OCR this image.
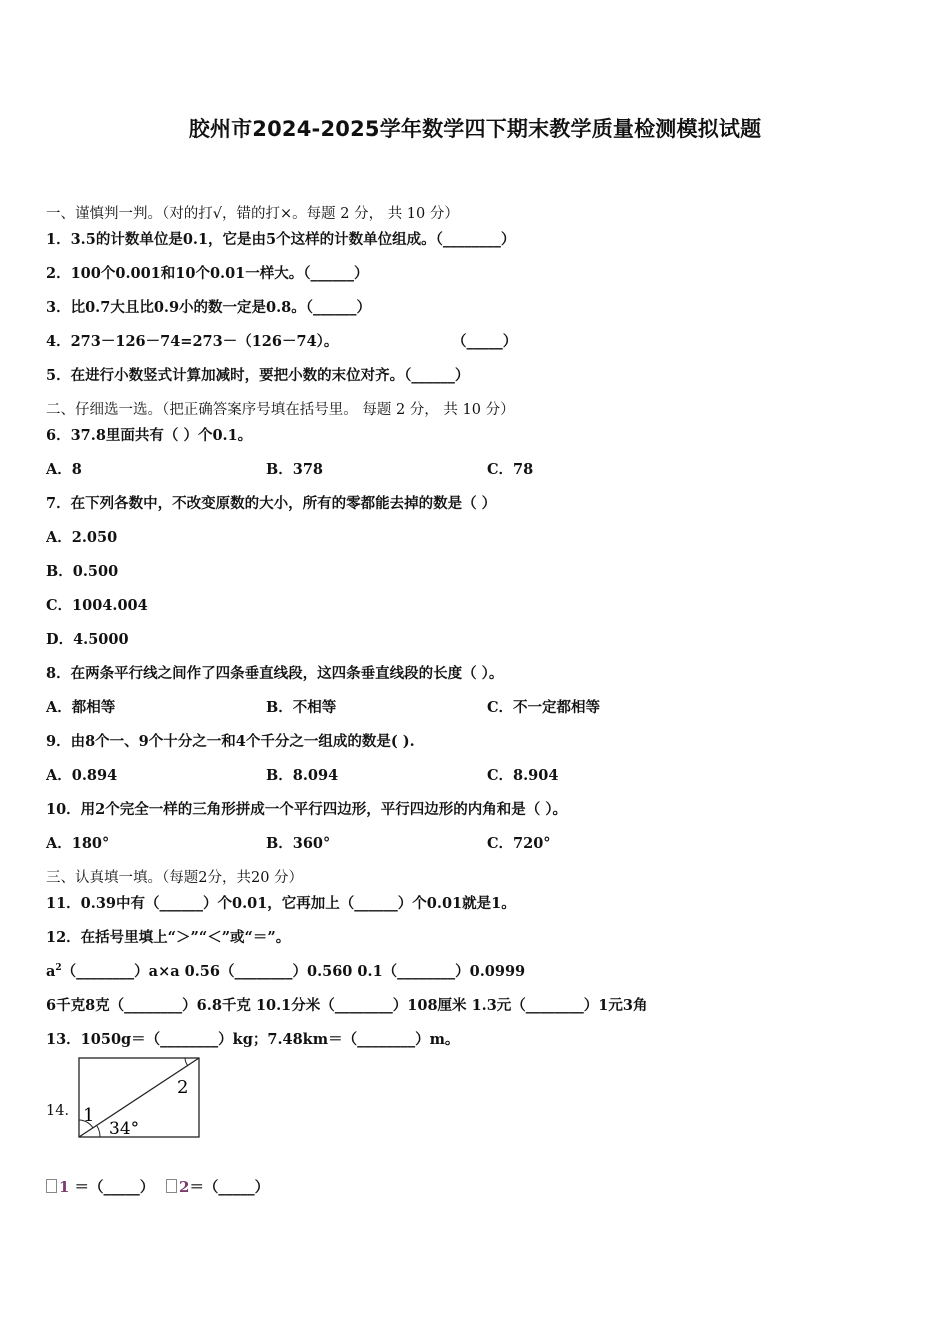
胶州市2024-2025学年数学四下期末教学质量检测模拟试题
一、谨慎判一判。（对的打√，错的打×。每题 2 分， 共 10 分）
1．3.5的计数单位是0.1，它是由5个这样的计数单位组成。（________）
2．100个0.001和10个0.01一样大。（______）
3．比0.7大且比0.9小的数一定是0.8。（______）
4．273－126－74=273－（126－74）。	（_____）
5．在进行小数竖式计算加减时，要把小数的末位对齐。（______）
二、仔细选一选。（把正确答案序号填在括号里。 每题 2 分， 共 10 分）
6．37.8里面共有（ ）个0.1。
A．8	B．378	C．78
7．在下列各数中，不改变原数的大小，所有的零都能去掉的数是（ ）
A．2.050
B．0.500
C．1004.004
D．4.5000
8．在两条平行线之间作了四条垂直线段，这四条垂直线段的长度（ ）。
A．都相等	B．不相等	C．不一定都相等
9．由8个一、9个十分之一和4个千分之一组成的数是( ).
A．0.894	B．8.094	C．8.904
10．用2个完全一样的三角形拼成一个平行四边形，平行四边形的内角和是（ ）。
A．180°	B．360°	C．720°
三、认真填一填。（每题2分，共20 分）
11．0.39中有（______）个0.01，它再加上（______）个0.01就是1。
12．在括号里填上“＞”“＜”或“＝”。
$a^2(\_\_\_\_\_\_\_\_)a\times a$ 0.56（________）0.560 0.1（________）0.0999
6千克8克（________）6.8千克 10.1分米（________）108厘米 1.3元（________）1元3角
13．1050g＝（________）kg；7.48km＝（________）m。
14． 1
2
34°
1 ＝（_____）	2＝（_____）
